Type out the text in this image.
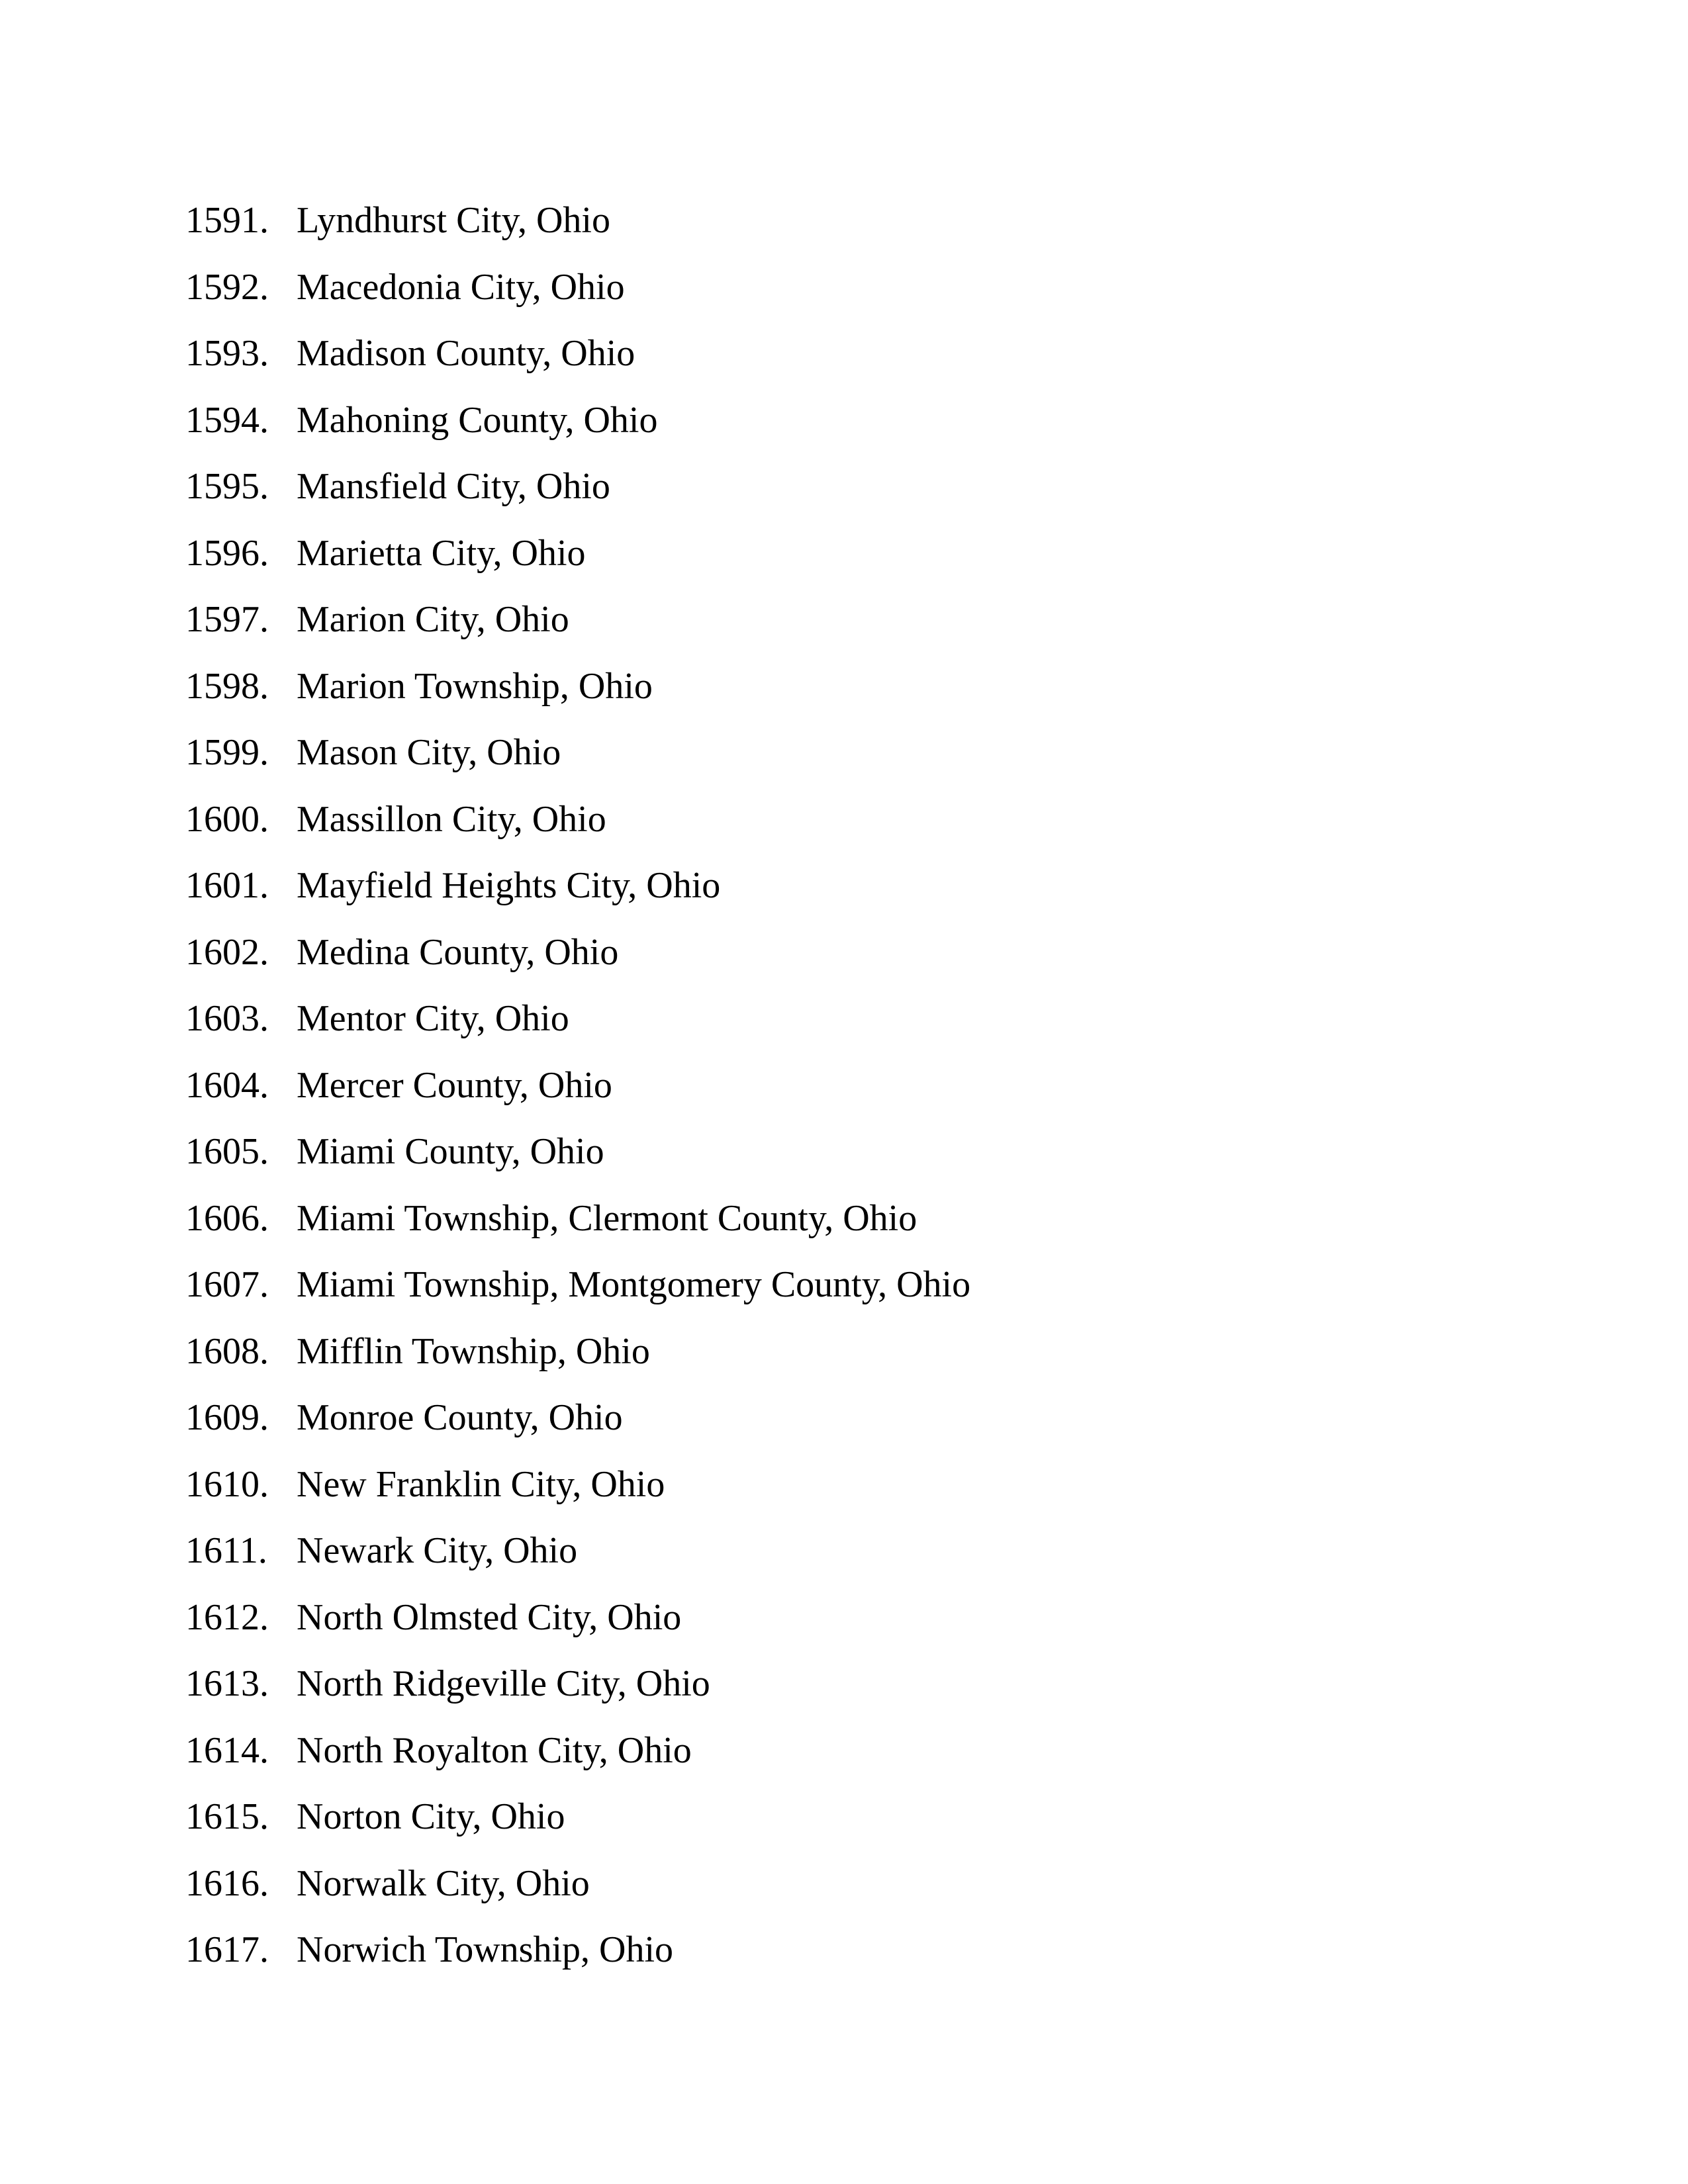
1591. Lyndhurst City, Ohio
1592. Macedonia City, Ohio
1593. Madison County, Ohio
1594. Mahoning County, Ohio
1595. Mansfield City, Ohio
1596. Marietta City, Ohio
1597. Marion City, Ohio
1598. Marion Township, Ohio
1599. Mason City, Ohio
1600. Massillon City, Ohio
1601. Mayfield Heights City, Ohio
1602. Medina County, Ohio
1603. Mentor City, Ohio
1604. Mercer County, Ohio
1605. Miami County, Ohio
1606. Miami Township, Clermont County, Ohio
1607. Miami Township, Montgomery County, Ohio
1608. Mifflin Township, Ohio
1609. Monroe County, Ohio
1610. New Franklin City, Ohio
1611. Newark City, Ohio
1612. North Olmsted City, Ohio
1613. North Ridgeville City, Ohio
1614. North Royalton City, Ohio
1615. Norton City, Ohio
1616. Norwalk City, Ohio
1617. Norwich Township, Ohio
